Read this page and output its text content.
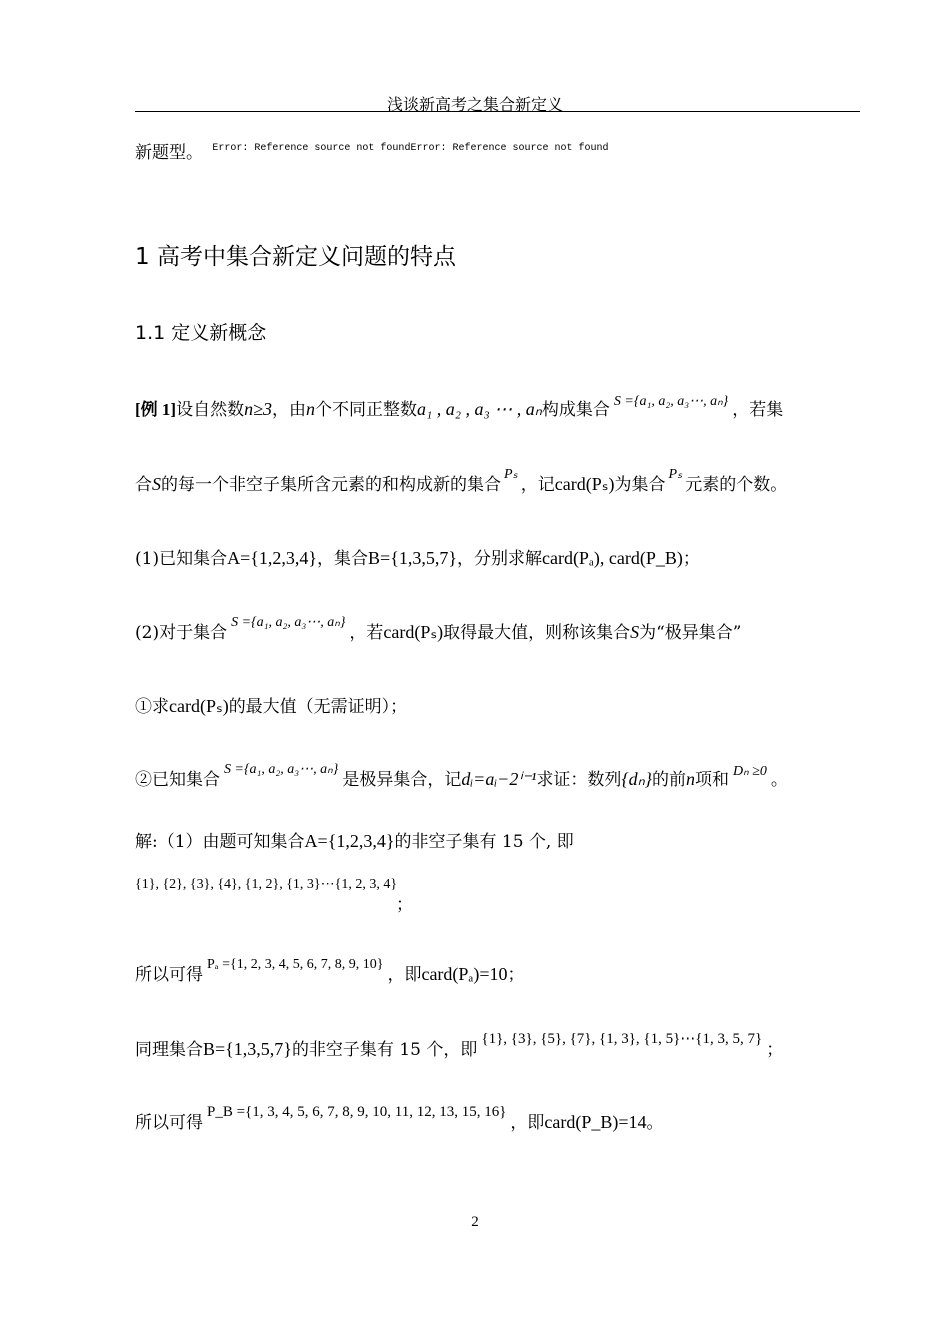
浅谈新高考之集合新定义
新题型。 $^{Error: Reference source not foundError: Reference source not found}$
1 高考中集合新定义问题的特点
1.1 定义新概念
[例 1]设自然数n≥3，由n个不同正整数a₁ , a₂ , a₃ ⋯ , aₙ构成集合 $^{S =\{a_1, a_2, a_3\cdots, a_n\}}$ ，若集
合S的每一个非空子集所含元素的和构成新的集合$^{P_s}$，记card(Pₛ)为集合$^{P_s}$元素的个数。
(1)已知集合A={1,2,3,4}，集合B={1,3,5,7}，分别求解card(Pₐ), card(P_B)；
(2)对于集合$^{S =\{a_1, a_2, a_3\cdots, a_n\}}$，若card(Pₛ)取得最大值，则称该集合S为“极异集合”
①求card(Pₛ)的最大值（无需证明）；
②已知集合$^{S =\{a_1, a_2, a_3\cdots, a_n\}}$是极异集合，记dᵢ=aᵢ−2ⁱ⁻¹求证：数列{dₙ}的前n项和 $^{D_n \ge 0}$ 。
解:（1）由题可知集合A={1,2,3,4}的非空子集有 15 个, 即
{1}, {2}, {3}, {4}, {1, 2}, {1, 3}⋯{1, 2, 3, 4}
；
所以可得$^{P_a =\{1, 2, 3, 4, 5, 6, 7, 8, 9, 10\}}$，即card(Pₐ)=10；
同理集合B={1,3,5,7}的非空子集有 15 个，即{1}, {3}, {5}, {7}, {1, 3}, {1, 5}⋯{1, 3, 5, 7}；
所以可得P_B ={1, 3, 4, 5, 6, 7, 8, 9, 10, 11, 12, 13, 15, 16}，即card(P_B)=14。
2
